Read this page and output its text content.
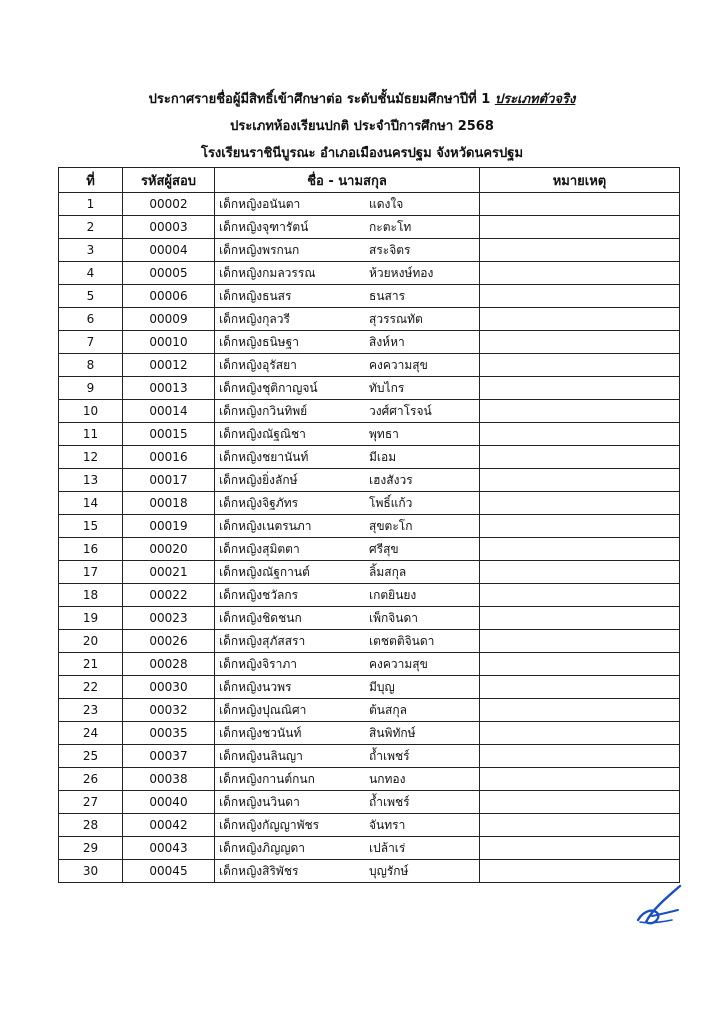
ประกาศรายชื่อผู้มีสิทธิ์เข้าศึกษาต่อ ระดับชั้นมัธยมศึกษาปีที่ 1 ประเภทตัวจริง
ประเภทห้องเรียนปกติ ประจำปีการศึกษา 2568
โรงเรียนราชินีบูรณะ อำเภอเมืองนครปฐม จังหวัดนครปฐม
ที่	รหัสผู้สอบ	ชื่อ - นามสกุล	หมายเหตุ
1	00002	เด็กหญิงอนันตา แดงใจ	
2	00003	เด็กหญิงจุฑารัตน์ กะตะโท	
3	00004	เด็กหญิงพรกนก สระจิตร	
4	00005	เด็กหญิงกมลวรรณ ห้วยหงษ์ทอง	
5	00006	เด็กหญิงธนสร ธนสาร	
6	00009	เด็กหญิงกุลวรี สุวรรณทัต	
7	00010	เด็กหญิงธนิษฐา สิงห์หา	
8	00012	เด็กหญิงอุรัสยา คงความสุข	
9	00013	เด็กหญิงชุติกาญจน์ ทับไกร	
10	00014	เด็กหญิงกวินทิพย์ วงศ์ศาโรจน์	
11	00015	เด็กหญิงณัฐณิชา พุทธา	
12	00016	เด็กหญิงชยานันท์ มีเอม	
13	00017	เด็กหญิงยิ่งลักษ์ เฮงสังวร	
14	00018	เด็กหญิงจิฐภัทร โพธิ์แก้ว	
15	00019	เด็กหญิงเนตรนภา สุขตะโก	
16	00020	เด็กหญิงสุมิตตา ศรีสุข	
17	00021	เด็กหญิงณัฐกานต์ ลิ้มสกุล	
18	00022	เด็กหญิงชวัลกร เกตยินยง	
19	00023	เด็กหญิงชิดชนก เพ็กจินดา	
20	00026	เด็กหญิงสุภัสสรา เตชตติจินดา	
21	00028	เด็กหญิงจิราภา คงความสุข	
22	00030	เด็กหญิงนวพร มีบุญ	
23	00032	เด็กหญิงปุณณิศา ต้นสกุล	
24	00035	เด็กหญิงชวนันท์ สินพิทักษ์	
25	00037	เด็กหญิงนลินญา ถ้ำเพชร์	
26	00038	เด็กหญิงกานต์กนก นกทอง	
27	00040	เด็กหญิงนวินดา ถ้ำเพชร์	
28	00042	เด็กหญิงกัญญาพัชร จันทรา	
29	00043	เด็กหญิงภิญญดา เปล้าเร่	
30	00045	เด็กหญิงสิริพัชร บุญรักษ์	
